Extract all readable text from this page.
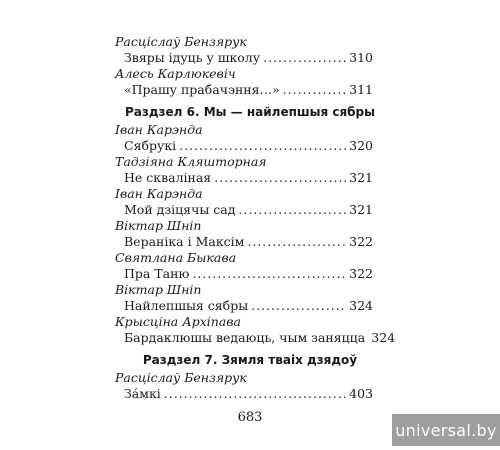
Расціслаў Бензярук
Звяры ідуць у школу .....	310
Алесь Карлюкевіч
«Прашу прабачэння…» .....	311
Раздзел 6. Мы — найлепшыя сябры
Іван Карэнда
Сябрукі .....	320
Тадзіяна Кляшторная
Не скваліная .....	321
Іван Карэнда
Мой дзіцячы сад .....	321
Віктар Шніп
Вераніка і Максім .....	322
Святлана Быкава
Пра Таню .....	322
Віктар Шніп
Найлепшыя сябры .....	324
Крысціна Архіпава
Бардаклюшы ведаюць, чым заняцца 324
Раздзел 7. Зямля тваіх дзядоў
Расціслаў Бензярук
За́мкі .....	403
683
universal.by
